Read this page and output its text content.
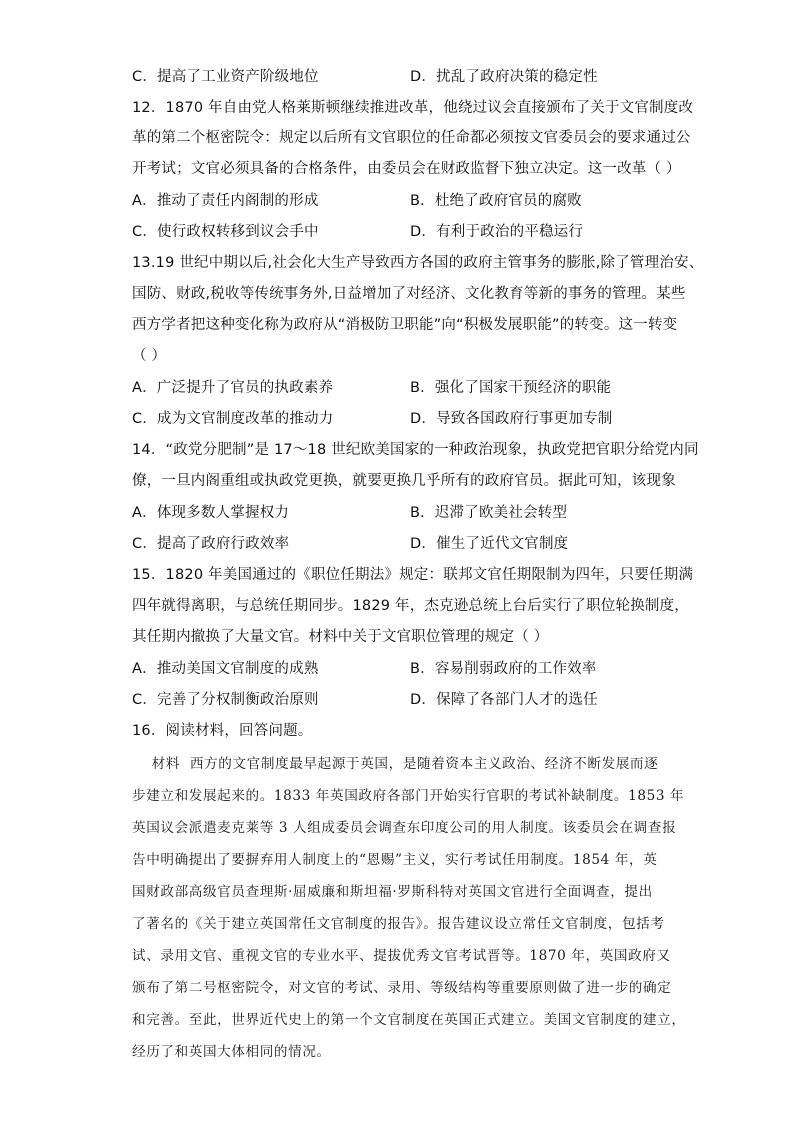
C．提高了工业资产阶级地位	D．扰乱了政府决策的稳定性
12．1870 年自由党人格莱斯顿继续推进改革，他绕过议会直接颁布了关于文官制度改
革的第二个枢密院令：规定以后所有文官职位的任命都必须按文官委员会的要求通过公
开考试；文官必须具备的合格条件，由委员会在财政监督下独立决定。这一改革（ ）
A．推动了责任内阁制的形成	B．杜绝了政府官员的腐败
C．使行政权转移到议会手中	D．有利于政治的平稳运行
13.19 世纪中期以后,社会化大生产导致西方各国的政府主管事务的膨胀,除了管理治安、
国防、财政,税收等传统事务外,日益增加了对经济、文化教育等新的事务的管理。某些
西方学者把这种变化称为政府从“消极防卫职能”向“积极发展职能”的转变。这一转变
（ ）
A．广泛提升了官员的执政素养	B．强化了国家干预经济的职能
C．成为文官制度改革的推动力	D．导致各国政府行事更加专制
14．“政党分肥制”是 17～18 世纪欧美国家的一种政治现象，执政党把官职分给党内同
僚，一旦内阁重组或执政党更换，就要更换几乎所有的政府官员。据此可知，该现象
A．体现多数人掌握权力	B．迟滞了欧美社会转型
C．提高了政府行政效率	D．催生了近代文官制度
15．1820 年美国通过的《职位任期法》规定：联邦文官任期限制为四年，只要任期满
四年就得离职，与总统任期同步。1829 年，杰克逊总统上台后实行了职位轮换制度，
其任期内撤换了大量文官。材料中关于文官职位管理的规定（ ）
A．推动美国文官制度的成熟	B．容易削弱政府的工作效率
C．完善了分权制衡政治原则	D．保障了各部门人才的选任
16．阅读材料，回答问题。
材料  西方的文官制度最早起源于英国，是随着资本主义政治、经济不断发展而逐
步建立和发展起来的。1833 年英国政府各部门开始实行官职的考试补缺制度。1853 年
英国议会派遣麦克莱等 3 人组成委员会调查东印度公司的用人制度。该委员会在调查报
告中明确提出了要摒弃用人制度上的“恩赐”主义，实行考试任用制度。1854 年，英
国财政部高级官员查理斯·屈威廉和斯坦福·罗斯科特对英国文官进行全面调查，提出
了著名的《关于建立英国常任文官制度的报告》。报告建议设立常任文官制度，包括考
试、录用文官、重视文官的专业水平、提拔优秀文官考试晋等。1870 年，英国政府又
颁布了第二号枢密院令，对文官的考试、录用、等级结构等重要原则做了进一步的确定
和完善。至此，世界近代史上的第一个文官制度在英国正式建立。美国文官制度的建立，
经历了和英国大体相同的情况。
